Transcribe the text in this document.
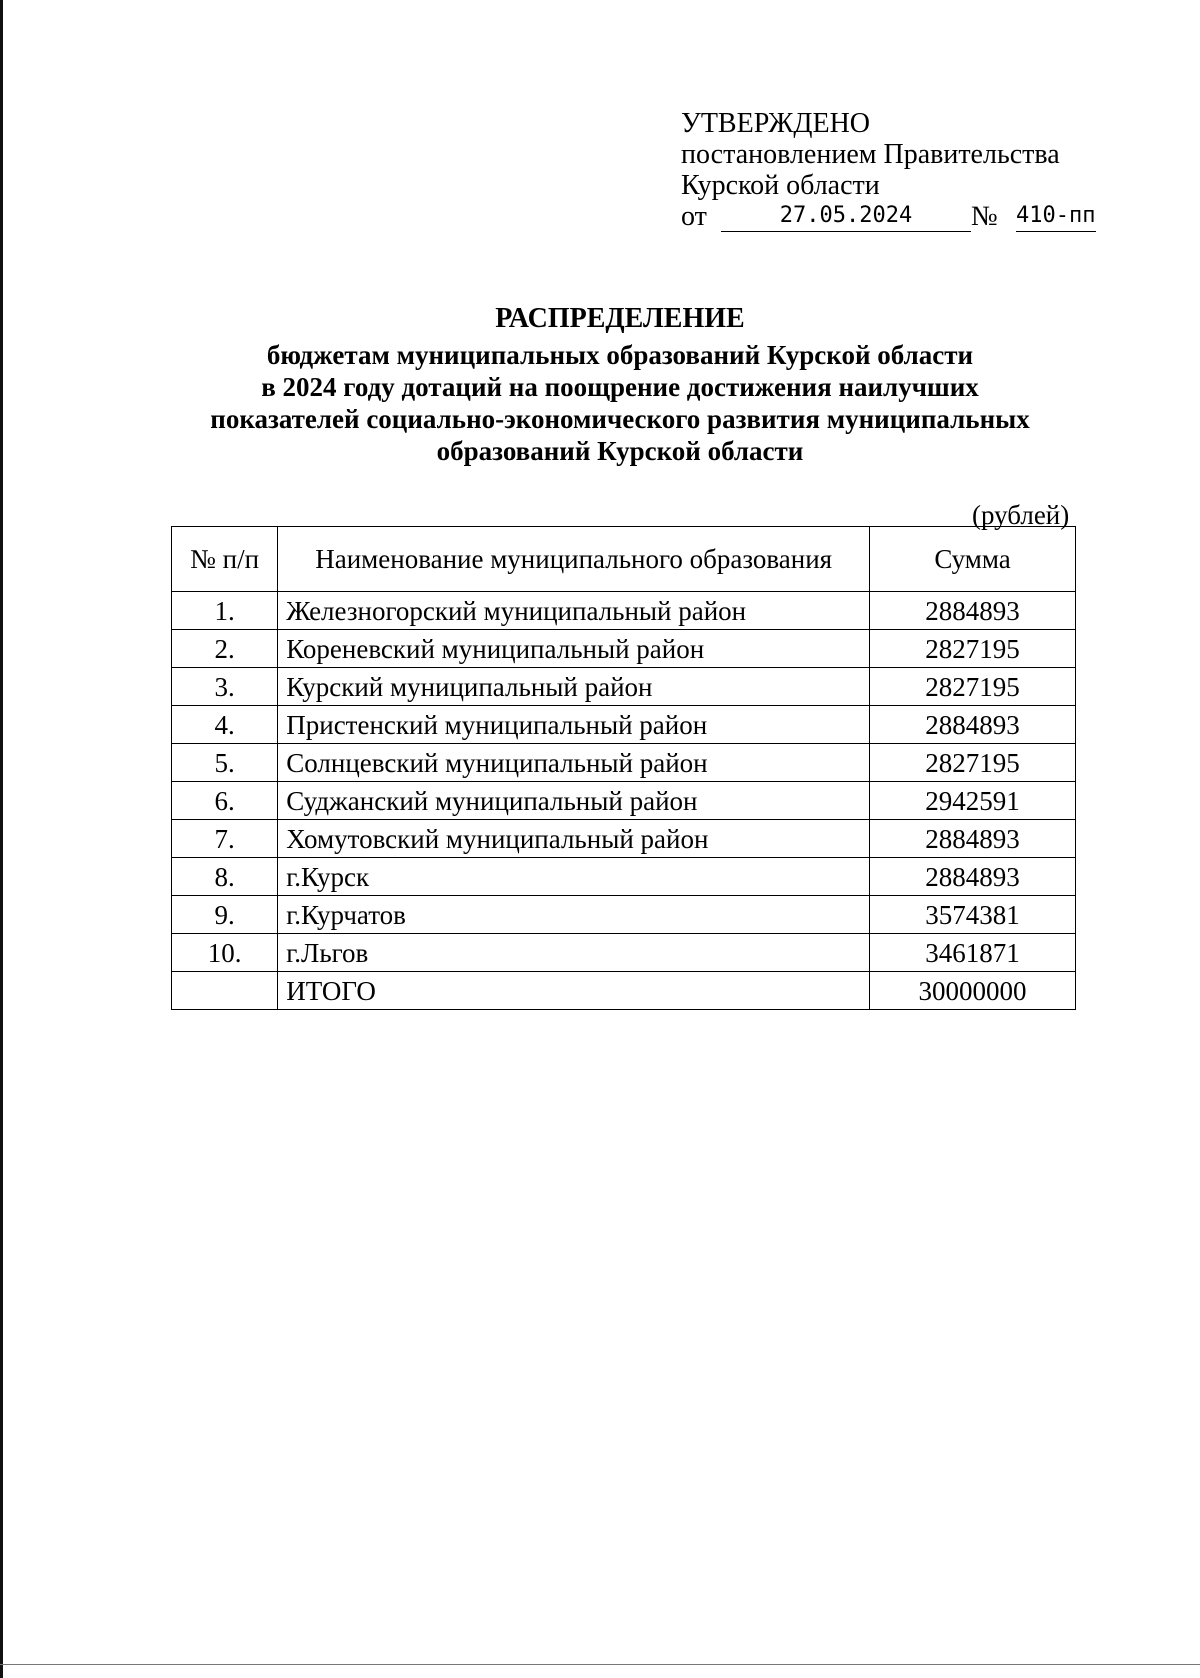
УТВЕРЖДЕНО
постановлением Правительства
Курской области
от	27.05.2024	№ 410-пп
РАСПРЕДЕЛЕНИЕ
бюджетам муниципальных образований Курской области
в 2024 году дотаций на поощрение достижения наилучших
показателей социально-экономического развития муниципальных
образований Курской области
(рублей)
№ п/п	Наименование муниципального образования	Сумма
1.	Железногорский муниципальный район	2884893
2.	Кореневский муниципальный район	2827195
3.	Курский муниципальный район	2827195
4.	Пристенский муниципальный район	2884893
5.	Солнцевский муниципальный район	2827195
6.	Суджанский муниципальный район	2942591
7.	Хомутовский муниципальный район	2884893
8.	г.Курск	2884893
9.	г.Курчатов	3574381
10.	г.Льгов	3461871
	ИТОГО	30000000
